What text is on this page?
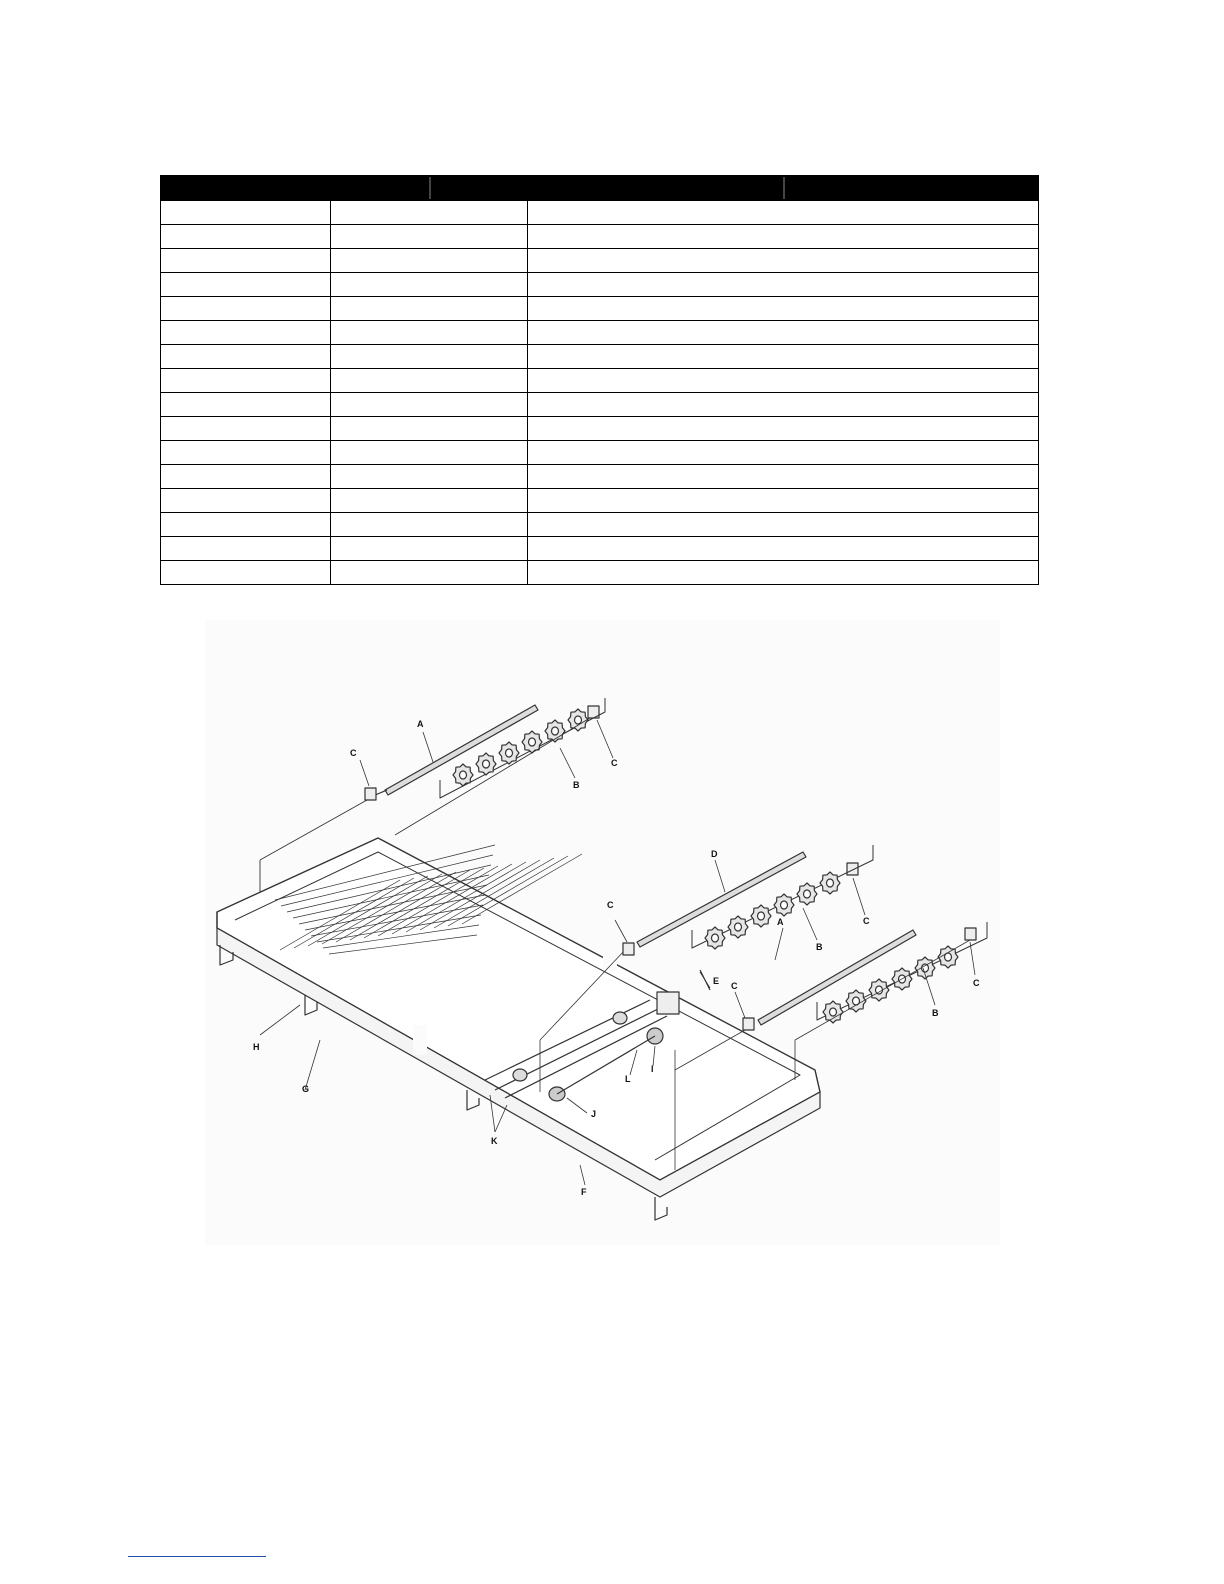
A
C
B
C
D
C
B
C
A
C
B
C
E
F
G
H
I
J
K
L
